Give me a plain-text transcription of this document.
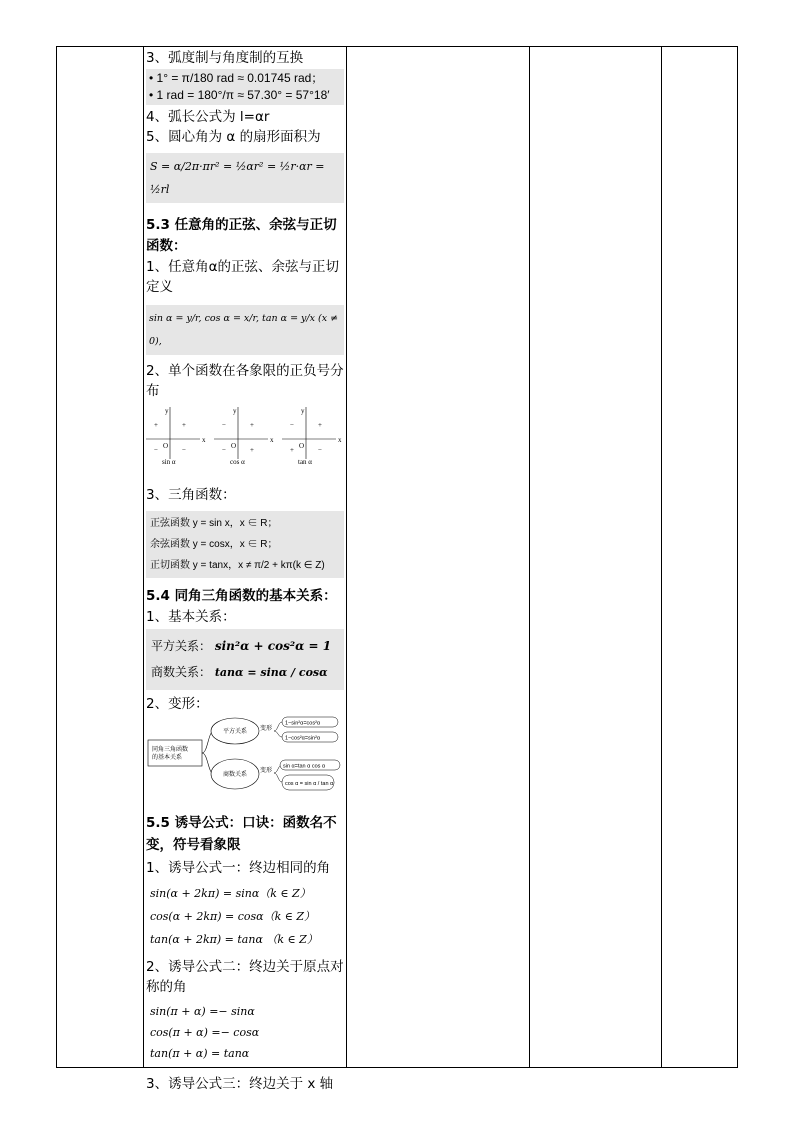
3、弧度制与角度制的互换

• 1° = π/180 rad ≈ 0.01745 rad；
• 1 rad = 180°/π ≈ 57.30° = 57°18′

4、弧长公式为 l=αr

5、圆心角为 α 的扇形面积为

S = α/2π·πr² = ½αr² = ½r·αr = ½rl
5.3 任意角的正弦、余弦与正切函数：

1、任意角α的正弦、余弦与正切定义

sin α = y/r, cos α = x/r, tan α = y/x (x ≠ 0),

2、单个函数在各象限的正负号分布

x
y
O
+
+
−	−
sin α
x
y
O
+
−
−	+
cos α
x
y
O
+
−
+	−
tan α

3、三角函数：

正弦函数 y = sin x，x ∈ R；
余弦函数 y = cosx，x ∈ R；
正切函数 y = tanx，x ≠ π/2 + kπ(k ∈ Z)
5.4 同角三角函数的基本关系：

1、基本关系：

平方关系： sin²α + cos²α = 1
商数关系： tanα = sinα / cosα

2、变形：

同角三角函数
的基本关系
平方关系
商数关系
变形
变形
1−sin²α=cos²α
1−cos²α=sin²α
sin α=tan α cos α
cos α = sin α / tan α
5.5 诱导公式：口诀：函数名不变，符号看象限

1、诱导公式一：终边相同的角

sin(α + 2kπ) = sinα（k ∈ Z）
cos(α + 2kπ) = cosα（k ∈ Z）
tan(α + 2kπ) = tanα （k ∈ Z）

2、诱导公式二：终边关于原点对称的角

sin(π + α) =− sinα
cos(π + α) =− cosα
tan(π + α) = tanα

3、诱导公式三：终边关于 x 轴
